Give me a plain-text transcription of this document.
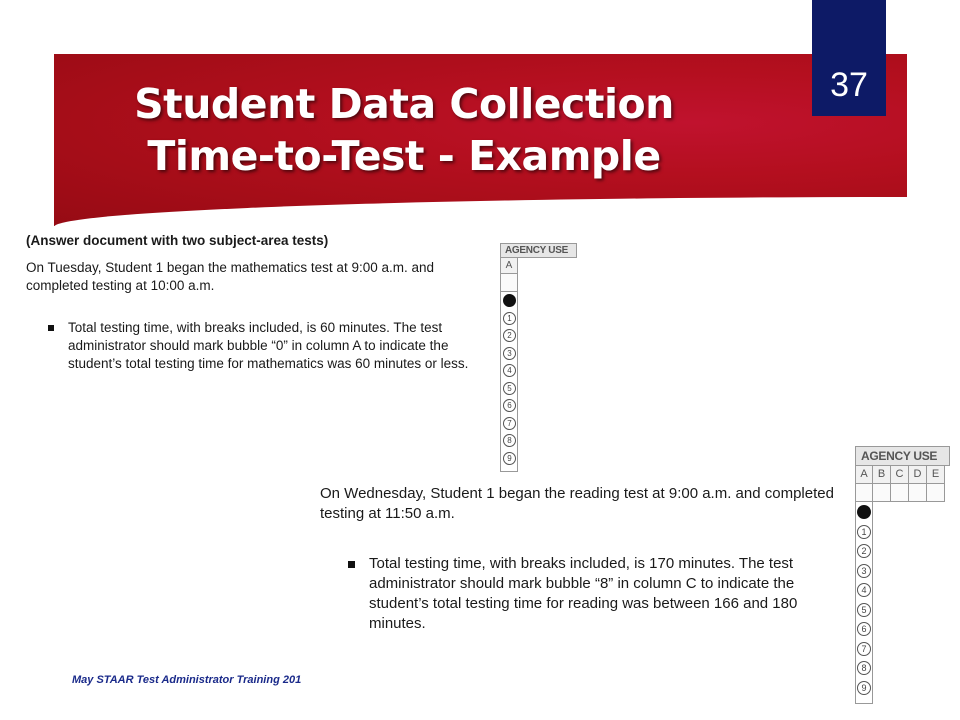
Student Data Collection
Time-to-Test - Example
37
(Answer document with two subject-area tests)
On Tuesday, Student 1 began the mathematics test at 9:00 a.m. and completed testing at 10:00 a.m.
Total testing time, with breaks included, is 60 minutes. The test administrator should mark bubble “0” in column A to indicate the student’s total testing time for mathematics was 60 minutes or less.
AGENCY USE
A
1
2
3
4
5
6
7
8
9
On Wednesday, Student 1 began the reading test at 9:00 a.m. and completed testing at 11:50 a.m.
Total testing time, with breaks included, is 170 minutes. The test administrator should mark bubble “8” in column C to indicate the student’s total testing time for reading was between 166 and 180 minutes.
AGENCY USE
A B C D E
1
2
3
4
5
6
7
8
9
May STAAR Test Administrator Training 201
